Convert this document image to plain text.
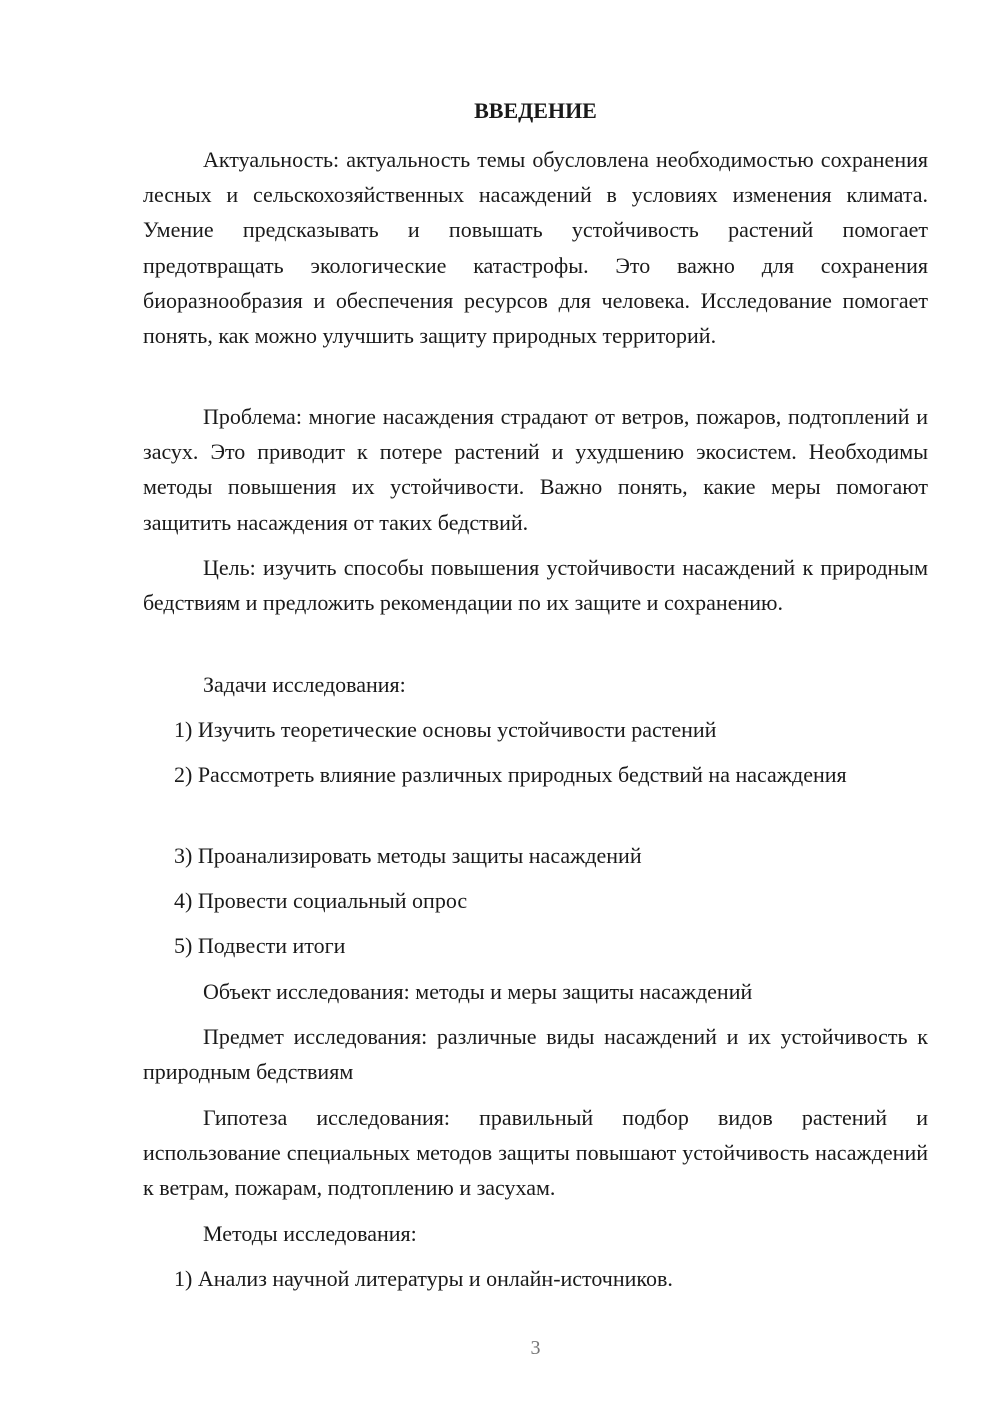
ВВЕДЕНИЕ

Актуальность: актуальность темы обусловлена необходимостью сохранения лесных и сельскохозяйственных насаждений в условиях изменения климата. Умение предсказывать и повышать устойчивость растений помогает предотвращать экологические катастрофы. Это важно для сохранения биоразнообразия и обеспечения ресурсов для человека. Исследование помогает понять, как можно улучшить защиту природных территорий.

Проблема: многие насаждения страдают от ветров, пожаров, подтоплений и засух. Это приводит к потере растений и ухудшению экосистем. Необходимы методы повышения их устойчивости. Важно понять, какие меры помогают защитить насаждения от таких бедствий.

Цель: изучить способы повышения устойчивости насаждений к природным бедствиям и предложить рекомендации по их защите и сохранению.

Задачи исследования:

1) Изучить теоретические основы устойчивости растений

2) Рассмотреть влияние различных природных бедствий на насаждения

3) Проанализировать методы защиты насаждений

4) Провести социальный опрос

5) Подвести итоги

Объект исследования: методы и меры защиты насаждений

Предмет исследования: различные виды насаждений и их устойчивость к природным бедствиям

Гипотеза исследования: правильный подбор видов растений и использование специальных методов защиты повышают устойчивость насаждений к ветрам, пожарам, подтоплению и засухам.

Методы исследования:

1) Анализ научной литературы и онлайн-источников.

3
